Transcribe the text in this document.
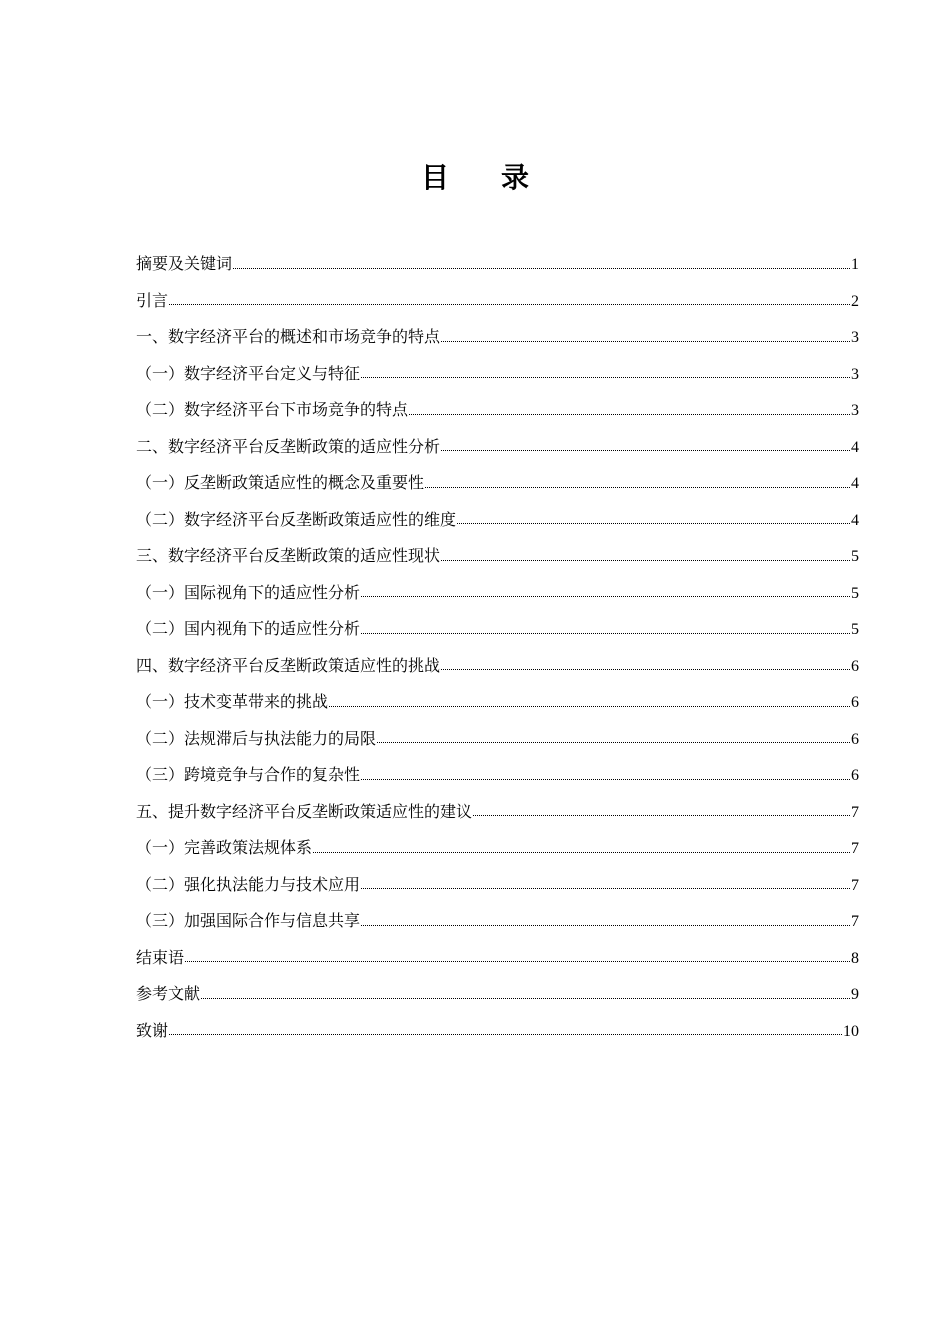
目 录
摘要及关键词	1
引言	2
一、数字经济平台的概述和市场竞争的特点	3
（一）数字经济平台定义与特征	3
（二）数字经济平台下市场竞争的特点	3
二、数字经济平台反垄断政策的适应性分析	4
（一）反垄断政策适应性的概念及重要性	4
（二）数字经济平台反垄断政策适应性的维度	4
三、数字经济平台反垄断政策的适应性现状	5
（一）国际视角下的适应性分析	5
（二）国内视角下的适应性分析	5
四、数字经济平台反垄断政策适应性的挑战	6
（一）技术变革带来的挑战	6
（二）法规滞后与执法能力的局限	6
（三）跨境竞争与合作的复杂性	6
五、提升数字经济平台反垄断政策适应性的建议	7
（一）完善政策法规体系	7
（二）强化执法能力与技术应用	7
（三）加强国际合作与信息共享	7
结束语	8
参考文献	9
致谢	10
